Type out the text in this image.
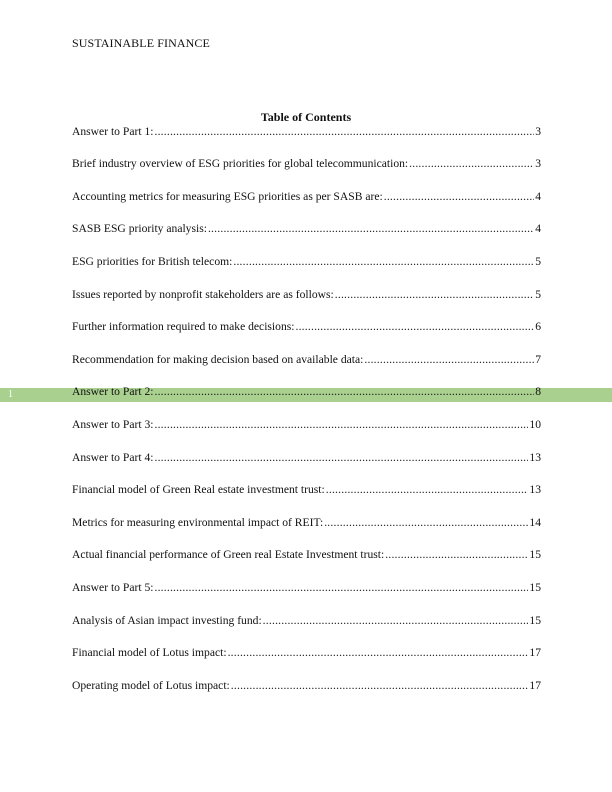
SUSTAINABLE FINANCE
1
Table of Contents
Answer to Part 1: .....	3
Brief industry overview of ESG priorities for global telecommunication: .....	3
Accounting metrics for measuring ESG priorities as per SASB are: .....	4
SASB ESG priority analysis: .....	4
ESG priorities for British telecom: .....	5
Issues reported by nonprofit stakeholders are as follows: .....	5
Further information required to make decisions: .....	6
Recommendation for making decision based on available data: .....	7
Answer to Part 2: .....	8
Answer to Part 3: .....	10
Answer to Part 4: .....	13
Financial model of Green Real estate investment trust: .....	13
Metrics for measuring environmental impact of REIT: .....	14
Actual financial performance of Green real Estate Investment trust: .....	15
Answer to Part 5: .....	15
Analysis of Asian impact investing fund: .....	15
Financial model of Lotus impact: .....	17
Operating model of Lotus impact: .....	17
